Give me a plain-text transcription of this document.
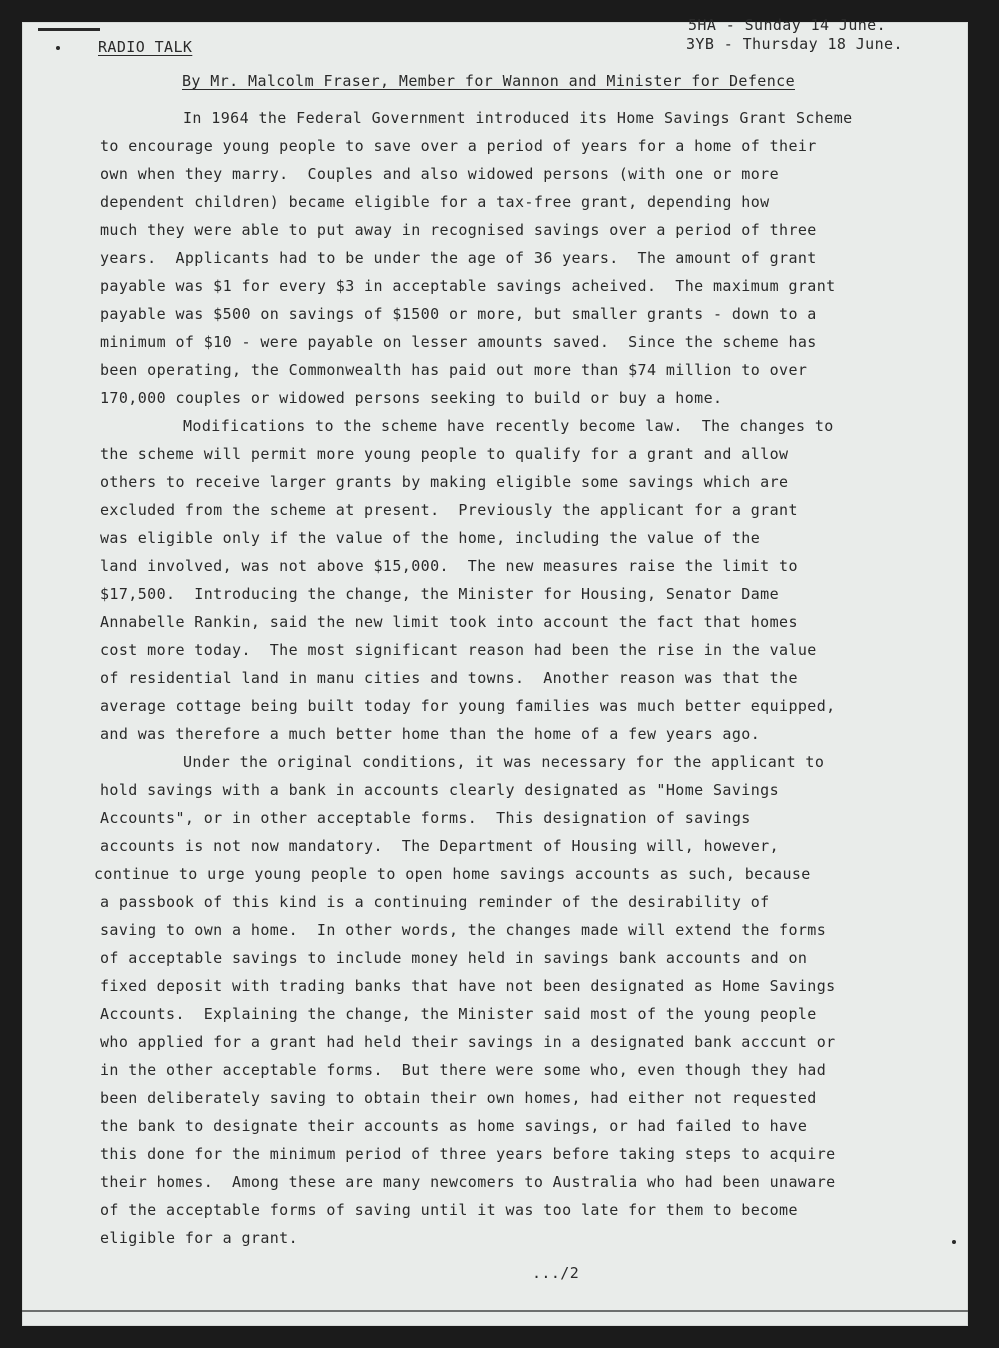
RADIO TALK
5HA - Sunday 14 June.
3YB - Thursday 18 June.
By Mr. Malcolm Fraser, Member for Wannon and Minister for Defence
In 1964 the Federal Government introduced its Home Savings Grant Scheme
to encourage young people to save over a period of years for a home of their
own when they marry.  Couples and also widowed persons (with one or more
dependent children) became eligible for a tax-free grant, depending how
much they were able to put away in recognised savings over a period of three
years.  Applicants had to be under the age of 36 years.  The amount of grant
payable was $1 for every $3 in acceptable savings acheived.  The maximum grant
payable was $500 on savings of $1500 or more, but smaller grants - down to a
minimum of $10 - were payable on lesser amounts saved.  Since the scheme has
been operating, the Commonwealth has paid out more than $74 million to over
170,000 couples or widowed persons seeking to build or buy a home.
Modifications to the scheme have recently become law.  The changes to
the scheme will permit more young people to qualify for a grant and allow
others to receive larger grants by making eligible some savings which are
excluded from the scheme at present.  Previously the applicant for a grant
was eligible only if the value of the home, including the value of the
land involved, was not above $15,000.  The new measures raise the limit to
$17,500.  Introducing the change, the Minister for Housing, Senator Dame
Annabelle Rankin, said the new limit took into account the fact that homes
cost more today.  The most significant reason had been the rise in the value
of residential land in manu cities and towns.  Another reason was that the
average cottage being built today for young families was much better equipped,
and was therefore a much better home than the home of a few years ago.
Under the original conditions, it was necessary for the applicant to
hold savings with a bank in accounts clearly designated as "Home Savings
Accounts", or in other acceptable forms.  This designation of savings
accounts is not now mandatory.  The Department of Housing will, however,
continue to urge young people to open home savings accounts as such, because
a passbook of this kind is a continuing reminder of the desirability of
saving to own a home.  In other words, the changes made will extend the forms
of acceptable savings to include money held in savings bank accounts and on
fixed deposit with trading banks that have not been designated as Home Savings
Accounts.  Explaining the change, the Minister said most of the young people
who applied for a grant had held their savings in a designated bank acccunt or
in the other acceptable forms.  But there were some who, even though they had
been deliberately saving to obtain their own homes, had either not requested
the bank to designate their accounts as home savings, or had failed to have
this done for the minimum period of three years before taking steps to acquire
their homes.  Among these are many newcomers to Australia who had been unaware
of the acceptable forms of saving until it was too late for them to become
eligible for a grant.
.../2
